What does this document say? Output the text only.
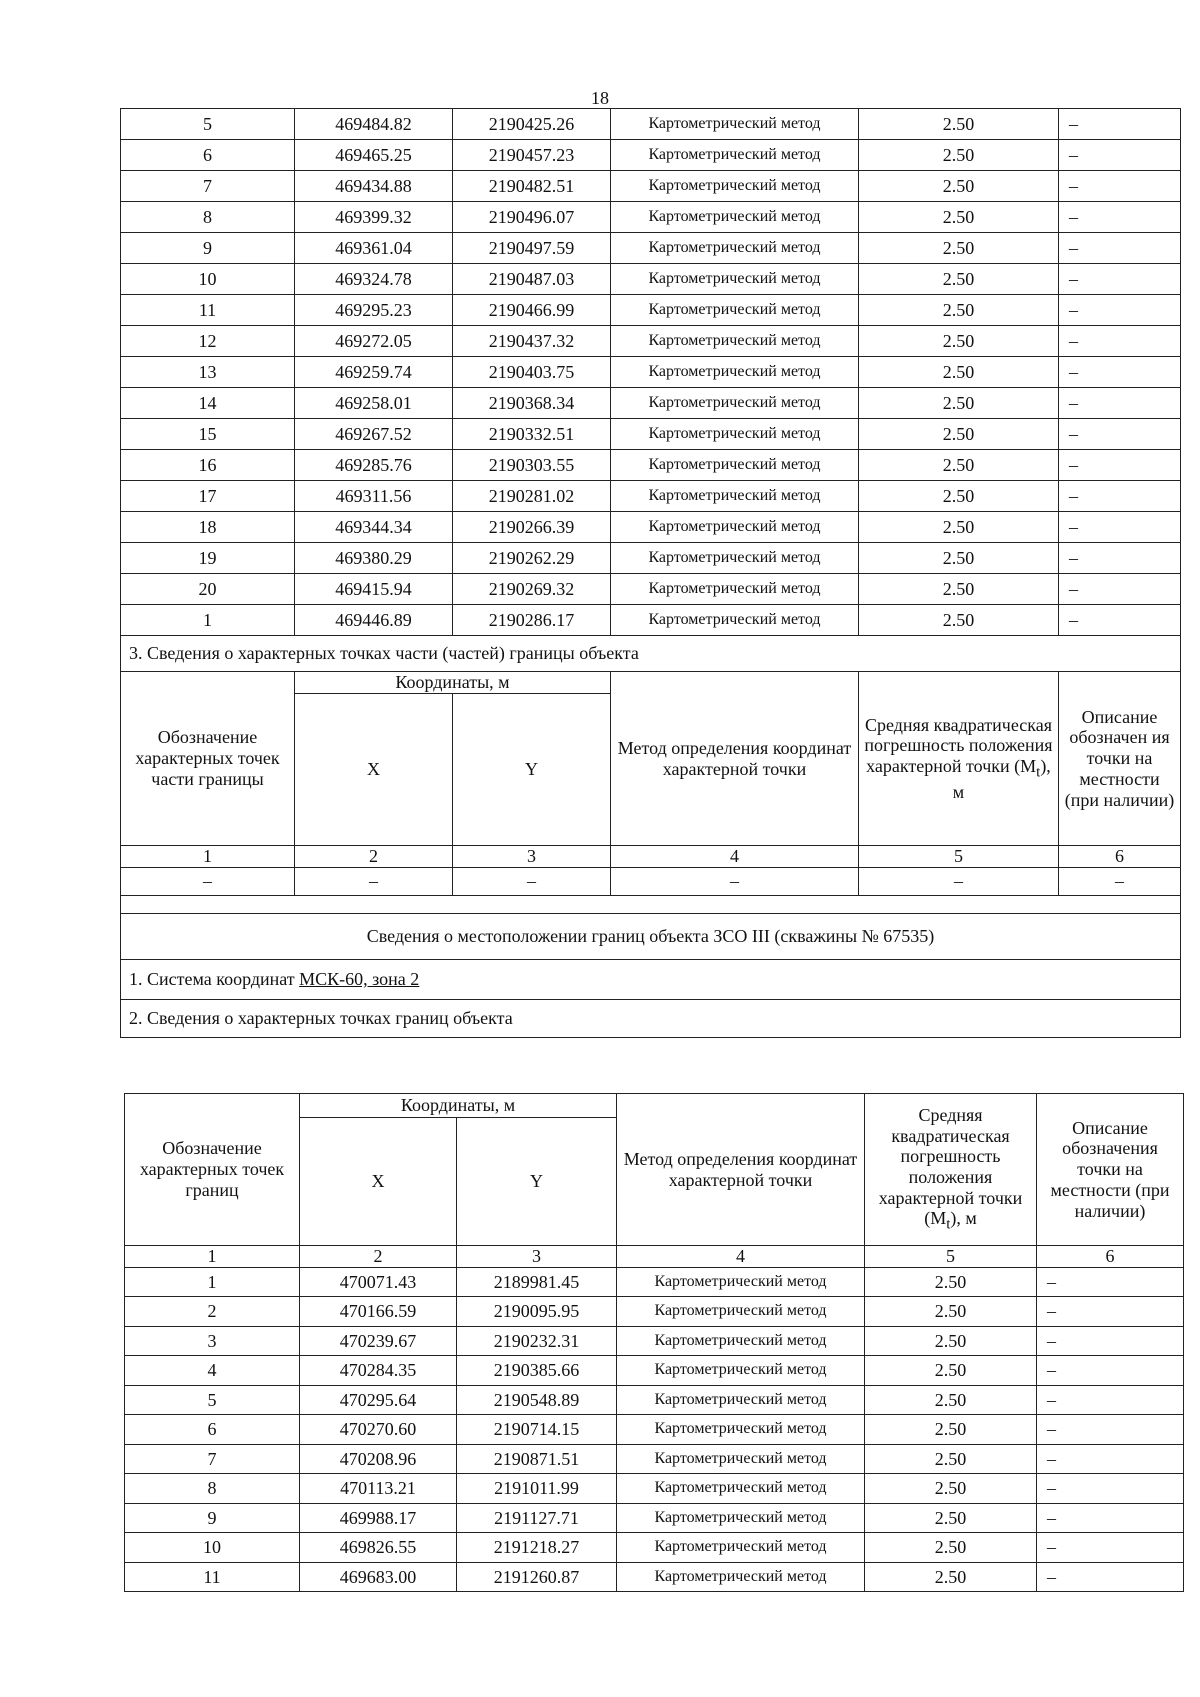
18
5	469484.82	2190425.26	Картометрический метод	2.50	–
6	469465.25	2190457.23	Картометрический метод	2.50	–
7	469434.88	2190482.51	Картометрический метод	2.50	–
8	469399.32	2190496.07	Картометрический метод	2.50	–
9	469361.04	2190497.59	Картометрический метод	2.50	–
10	469324.78	2190487.03	Картометрический метод	2.50	–
11	469295.23	2190466.99	Картометрический метод	2.50	–
12	469272.05	2190437.32	Картометрический метод	2.50	–
13	469259.74	2190403.75	Картометрический метод	2.50	–
14	469258.01	2190368.34	Картометрический метод	2.50	–
15	469267.52	2190332.51	Картометрический метод	2.50	–
16	469285.76	2190303.55	Картометрический метод	2.50	–
17	469311.56	2190281.02	Картометрический метод	2.50	–
18	469344.34	2190266.39	Картометрический метод	2.50	–
19	469380.29	2190262.29	Картометрический метод	2.50	–
20	469415.94	2190269.32	Картометрический метод	2.50	–
1	469446.89	2190286.17	Картометрический метод	2.50	–
3. Сведения о характерных точках части (частей) границы объекта					
Обозначение характерных точек части границы	Координаты, м		Метод определения координат характерной точки	Средняя квадратическая погрешность положения характерной точки $(M_t)$, м	Описание обозначен ия точки на местности (при наличии)
	X	Y			
1	2	3	4	5	6
–	–	–	–	–	–

Сведения о местоположении границ объекта ЗСО III (скважины № 67535)					
1. Система координат МСК-60, зона 2					
2. Сведения о характерных точках границ объекта					
Обозначение характерных точек границ	Координаты, м		Метод определения координат характерной точки	Средняя квадратическая погрешность положения характерной точки $(M_t)$, м	Описание обозначения точки на местности (при наличии)
	X	Y			
1	2	3	4	5	6
1	470071.43	2189981.45	Картометрический метод	2.50	–
2	470166.59	2190095.95	Картометрический метод	2.50	–
3	470239.67	2190232.31	Картометрический метод	2.50	–
4	470284.35	2190385.66	Картометрический метод	2.50	–
5	470295.64	2190548.89	Картометрический метод	2.50	–
6	470270.60	2190714.15	Картометрический метод	2.50	–
7	470208.96	2190871.51	Картометрический метод	2.50	–
8	470113.21	2191011.99	Картометрический метод	2.50	–
9	469988.17	2191127.71	Картометрический метод	2.50	–
10	469826.55	2191218.27	Картометрический метод	2.50	–
11	469683.00	2191260.87	Картометрический метод	2.50	–
